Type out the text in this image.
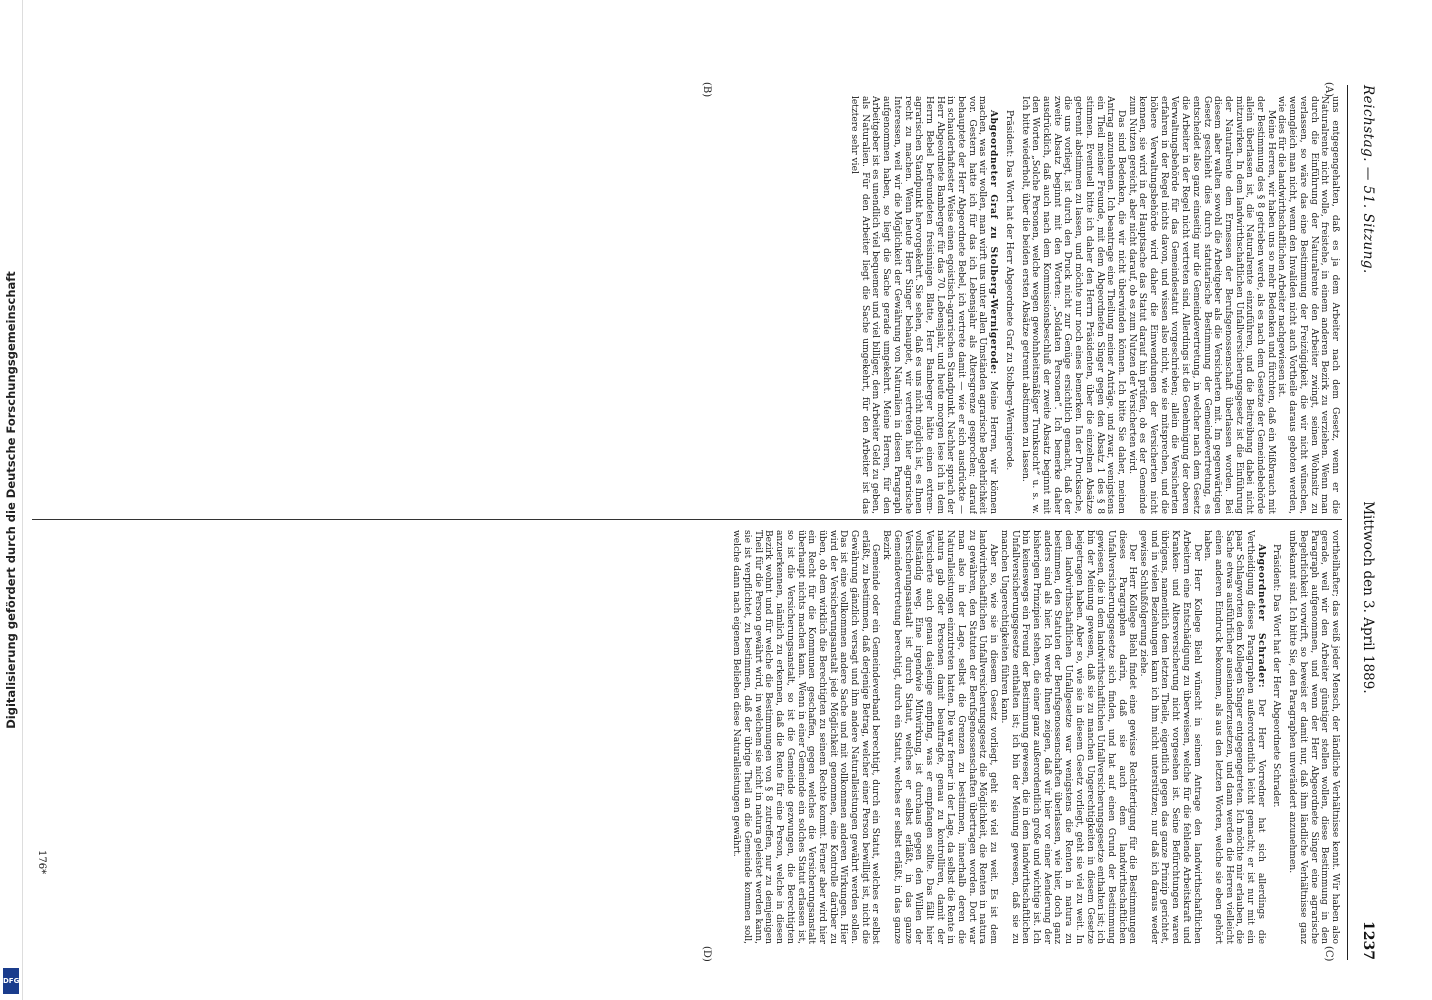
Digitalisierung gefördert durch die Deutsche Forschungsgemeinschaft
DFG
Reichstag. — 51. Sitzung.
Mittwoch den 3. April 1889.
1237
(A)
(B)
(C)
(D)

uns entgegengehalten, daß es ja dem Arbeiter nach dem Gesetz, wenn er die Naturalrente nicht wolle, freistehe, in einem anderen Bezirk zu verziehen. Wenn man durch die Einführung der Naturalrente den Arbeiter zwingt, seinen Wohnsitz zu verlassen, so wäre das eine Bestimmung der Freizügigkeit, die wir nicht wünschen, wenngleich man nicht, wenn den Invaliden nicht auch Vortheile daraus geboten werden, wie dies für die landwirthschaftlichen Arbeiter nachgewiesen ist.

Meine Herren, wir haben uns so mehr Bedenken und fürchten, daß ein Mißbrauch mit der Bestimmung des § 8 getrieben werde, als es nach dem Gesetze der Gemeindebehörde allein überlassen ist, die Naturalrente einzuführen, und die Beitreibung dabei nicht mitzuwirken. In dem landwirthschaftlichen Unfallversicherungsgesetz ist die Einführung der Naturalrente dem Ermessen der Berufsgenossenschaft überlassen worden. Bei diesem aber walten sowohl die Arbeitgeber als die Versicherten mit. Im gegenwärtigen Gesetz geschieht dies durch statutarische Bestimmung der Gemeindevertretung, es entscheidet also ganz einseitig nur die Gemeindevertretung, in welcher nach dem Gesetz die Arbeiter in der Regel nicht vertreten sind. Allerdings ist die Genehmigung der oberen Verwaltungsbehörde für das Gemeindestatut vorgeschrieben; allein die Versicherten erfahren in der Regel nichts davon, und wissen also nicht, wie sie mitsprechen, und die höhere Verwaltungsbehörde wird daher die Einwendungen der Versicherten nicht kennen, sie wird in der Hauptsache das Statut darauf hin prüfen, ob es der Gemeinde zum Nutzen gereicht, aber nicht darauf, ob es zum Nutzen der Versicherten wird.

Das sind Bedenken, die wir nicht überwinden können. Ich bitte Sie daher, meinen Antrag anzunehmen. Ich beantrage eine Theilung meiner Anträge, und zwar, wenigstens ein Theil meiner Freunde, mit dem Abgeordneten Singer gegen den Absatz 1 des § 8 stimmen. Eventuell bitte ich daher den Herrn Präsidenten, über die einzelnen Absätze getrennt abstimmen zu lassen, und möchte nur noch eines bemerken. In der Drucksache, die uns vorliegt, ist durch den Druck nicht zur Genüge ersichtlich gemacht, daß der zweite Absatz beginnt mit den Worten: „Soldaten Personen“. Ich bemerke daher ausdrücklich, daß auch nach dem Kommissionsbeschluß der zweite Absatz beginnt mit den Worten „Solche Personen, welche wegen gewohnheitsmäßiger Trunksucht“ u. s. w. Ich bitte wiederholt, über die beiden ersten Absätze getrennt abstimmen zu lassen.

Präsident: Das Wort hat der Herr Abgeordnete Graf zu Stolberg-Wernigerode.

Abgeordneter Graf zu Stolberg-Wernigerode: Meine Herren, wir können machen, was wir wollen, man wirft uns unter allen Umständen agrarische Begehrlichkeit vor. Gestern hatte ich für das ich Lebensjahr als Altersgrenze gesprochen; darauf behauptete der Herr Abgeordnete Bebel, ich vertrete damit — wie er sich ausdrückte — in schauderhaftester Weise einen egoistisch-agrarischen Standpunkt. Nachher sprach der Herr Abgeordnete Bamberger für das 70. Lebensjahr, und heute morgen lese ich in dem Herrn Bebel befreundeten freisinnigen Blatte, Herr Bamberger hätte einen extrem-agrarischen Standpunkt hervorgekehrt. Sie sehen, daß es uns nicht möglich ist, es Ihnen recht zu machen. Wenn heute Herr Singer behauptet, wir vertreten hier agrarische Interessen, weil wir die Möglichkeit der Gewährung von Naturalien in diesen Paragraph aufgenommen haben, so liegt die Sache gerade umgekehrt. Meine Herren, für den Arbeitgeber ist es unendlich viel bequemer und viel billiger, dem Arbeiter Geld zu geben, als Naturalien. Für den Arbeiter liegt die Sache umgekehrt, für den Arbeiter ist das letztere sehr viel

vortheilhafter; das weiß jeder Mensch, der ländliche Verhältnisse kennt. Wir haben also gerade, weil wir den Arbeiter günstiger stellen wollen, diese Bestimmung in den Paragraph aufgenommen, und wenn der Herr Abgeordnete Singer eine agrarische Begehrlichkeit vorwirft, so beweist er damit nur, daß ihm ländliche Verhältnisse ganz unbekannt sind. Ich bitte Sie, den Paragraphen unverändert anzunehmen.

Präsident: Das Wort hat der Herr Abgeordnete Schrader.

Abgeordneter Schrader: Der Herr Vorredner hat sich allerdings die Vertheidigung dieses Paragraphen außerordentlich leicht gemacht; er ist nur mit ein paar Schlagworten dem Kollegen Singer entgegengetreten. Ich möchte mir erlauben, die Sache etwas ausführlicher auseinanderzusetzen, und dann werden die Herren vielleicht einen anderen Eindruck bekommen, als aus den letzten Worten, welche sie eben gehört haben.

Der Herr Kollege Biehl wünscht in seinem Antrage den landwirthschaftlichen Arbeitern eine Entschädigung zu überweisen, welche für die fehlende Arbeitskraft und Kranken- und Altersversicherung nicht vorgesehen ist. Seine Befürchtungen waren übrigens, namentlich dem letzten Theile, eigentlich gegen das ganze Prinzip gerichtet, und in vielen Beziehungen kann ich ihm nicht unterstützen; nur daß ich daraus weder gewisse Schlußfolgerung ziehe.

Der Herr Kollege Biehl findet eine gewisse Rechtfertigung für die Bestimmungen dieses Paragraphen darin, daß sie auch dem landwirthschaftlichen Unfallversicherungsgesetze sich finden, und hat auf einen Grund der Bestimmung gewiesen, die in dem landwirthschaftlichen Unfallversicherungsgesetze enthalten ist; ich bin der Meinung gewesen, daß sie zu manchen Ungerechtigkeiten in diesem Gesetze beigetragen haben. Aber so, wie sie in diesem Gesetz vorliegt, geht sie viel zu weit. In dem landwirthschaftlichen Unfallgesetze war wenigstens die Renten in natura zu bestimmen, den Statuten der Berufsgenossenschaften überlassen, wie hier, doch ganz anders sind als hier. Ich werde Ihnen zeigen, daß wir hier vor einer Aenderung der bisherigen Prinzipien stehen, die einer ganz außerordentlich große und wichtige ist. Ich bin keineswegs ein Freund der Bestimmung gewesen, die in dem landwirthschaftlichen Unfallversicherungsgesetze enthalten ist; ich bin der Meinung gewesen, daß sie zu manchen Ungerechtigkeiten führen kann.

Aber so, wie sie in diesem Gesetz vorliegt, geht sie viel zu weit. Es ist dem landwirthschaftlichen Unfallversicherungsgesetz die Möglichkeit, die Renten in natura zu gewähren, den Statuten der Berufsgenossenschaften übertragen worden. Dort war man also in der Lage, selbst die Grenzen zu bestimmen, innerhalb deren die Naturalleistungen einzutreten hatten. Die war ferner in der Lage, da selbst die Rente in natura gab oder Personen damit beauftragte, genau zu kontrolliren, damit der Versicherte auch genau dasjenige empfing, was er empfangen sollte. Das fällt hier vollständig weg. Eine irgendwie Mitwirkung, ist durchaus gegen den Willen der Versicherungsanstalt ist durch Statut, welches er selbst erläßt, in das ganze Gemeindevertretung berechtigt, durch ein Statut, welches er selbst erläßt, in das ganze Bezirk

Gemeinde oder ein Gemeindeverband berechtigt, durch ein Statut, welches er selbst erläßt, zu bestimmen, daß derjenige Betrag, welcher einer Person bewilligt ist, nicht die Gewährung gänzlich versagt und ihm andere Naturalleistungen gewährt werden sollen. Das ist eine vollkommen andere Sache und mit vollkommen anderen Wirkungen. Hier wird der Versicherungsanstalt jede Möglichkeit genommen, eine Kontrolle darüber zu üben, ob dem wirklich die Berechtigten zu seinem Rechte kommt. Ferner aber wird hier ein Recht für die Kommunen geschaffen, gegen welches die Versicherungsanstalt überhaupt nichts machen kann. Wenn in einer Gemeinde ein solches Statut erlassen ist, so ist die Versicherungsanstalt, so ist die Gemeinde gezwungen, die Berechtigten anzuerkennen, nämlich zu erkennen, daß die Rente für eine Person, welche in diesen Bezirk wohnt und für welche die Bestimmungen von § 8 zutreffen, nur zu demjenigen Theil für die Person gewährt wird, in welchem sie nicht in natura geleistet werden kann, sie ist verpflichtet, zu bestimmen, daß der übrige Theil an die Gemeinde kommen soll, welche dann nach eigenem Belieben diese Naturalleistungen gewährt.

176*
